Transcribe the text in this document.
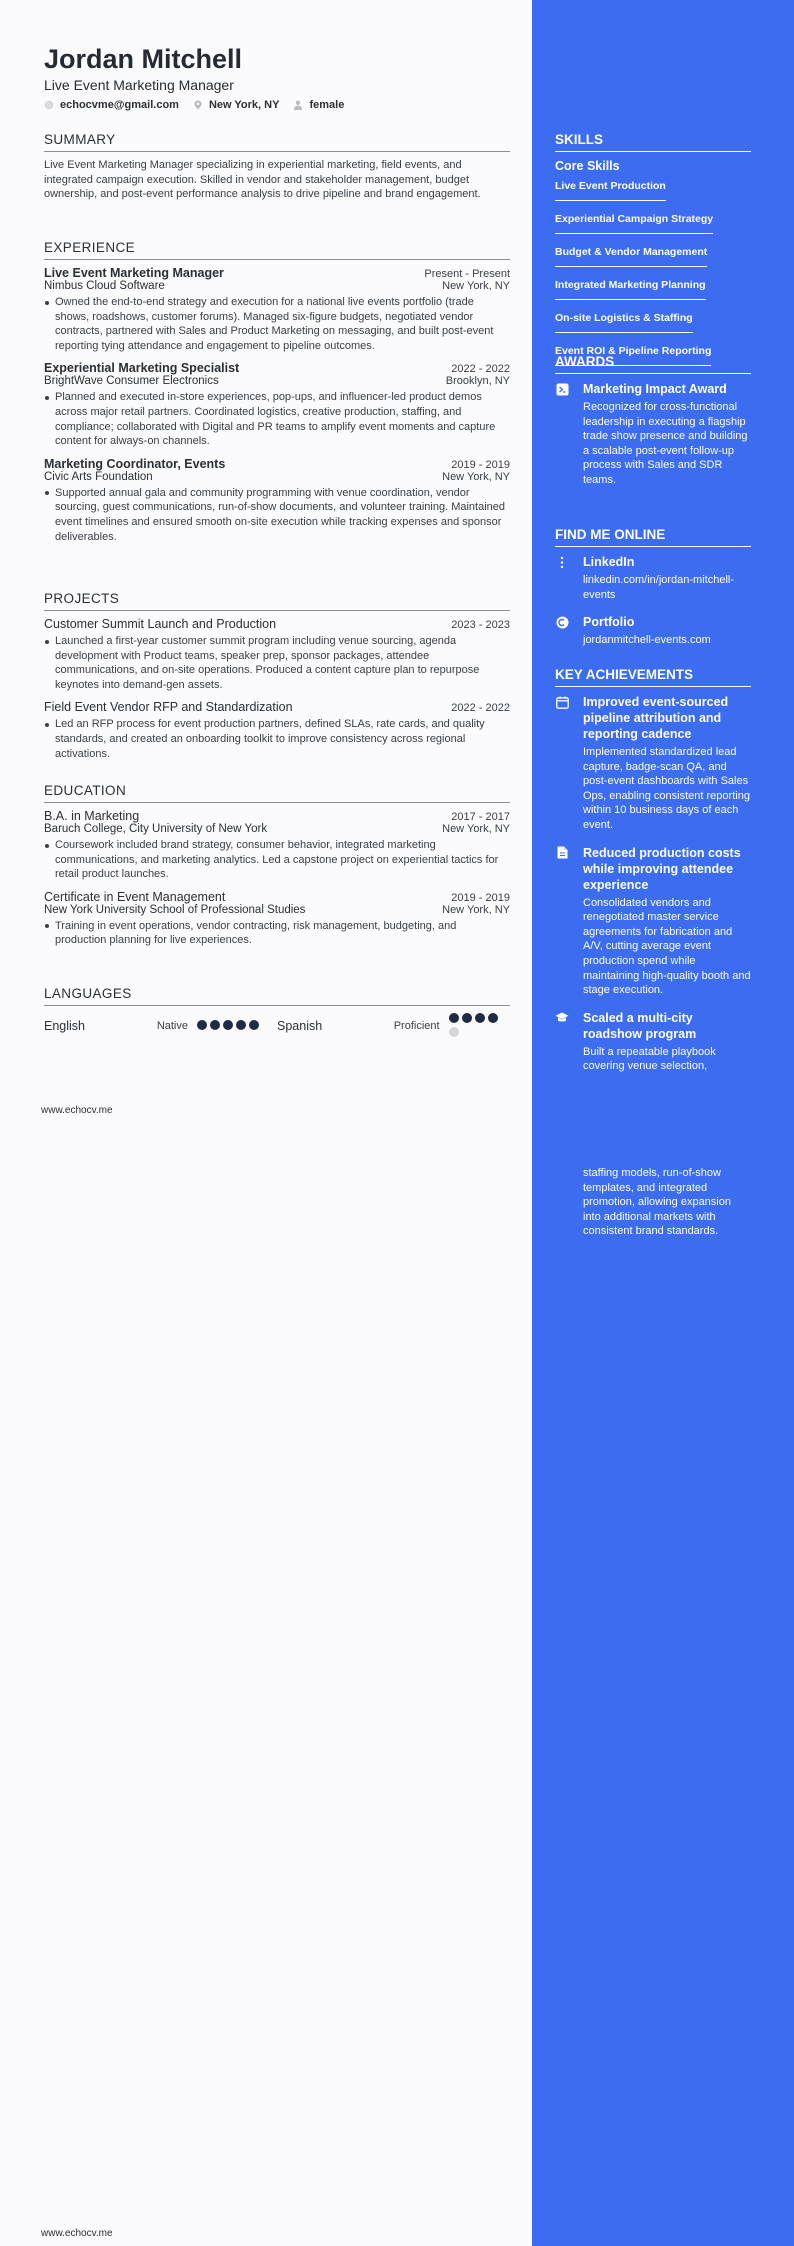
Jordan Mitchell
Live Event Marketing Manager
echocvme@gmail.com	New York, NY	female
SUMMARY
Live Event Marketing Manager specializing in experiential marketing, field events, and integrated campaign execution. Skilled in vendor and stakeholder management, budget ownership, and post-event performance analysis to drive pipeline and brand engagement.
EXPERIENCE
Live Event Marketing Manager	Present - Present
Nimbus Cloud Software	New York, NY
Owned the end-to-end strategy and execution for a national live events portfolio (trade shows, roadshows, customer forums). Managed six-figure budgets, negotiated vendor contracts, partnered with Sales and Product Marketing on messaging, and built post-event reporting tying attendance and engagement to pipeline outcomes.
Experiential Marketing Specialist	2022 - 2022
BrightWave Consumer Electronics	Brooklyn, NY
Planned and executed in-store experiences, pop-ups, and influencer-led product demos across major retail partners. Coordinated logistics, creative production, staffing, and compliance; collaborated with Digital and PR teams to amplify event moments and capture content for always-on channels.
Marketing Coordinator, Events	2019 - 2019
Civic Arts Foundation	New York, NY
Supported annual gala and community programming with venue coordination, vendor sourcing, guest communications, run-of-show documents, and volunteer training. Maintained event timelines and ensured smooth on-site execution while tracking expenses and sponsor deliverables.
PROJECTS
Customer Summit Launch and Production	2023 - 2023
Launched a first-year customer summit program including venue sourcing, agenda development with Product teams, speaker prep, sponsor packages, attendee communications, and on-site operations. Produced a content capture plan to repurpose keynotes into demand-gen assets.
Field Event Vendor RFP and Standardization	2022 - 2022
Led an RFP process for event production partners, defined SLAs, rate cards, and quality standards, and created an onboarding toolkit to improve consistency across regional activations.
EDUCATION
B.A. in Marketing	2017 - 2017
Baruch College, City University of New York	New York, NY
Coursework included brand strategy, consumer behavior, integrated marketing communications, and marketing analytics. Led a capstone project on experiential tactics for retail product launches.
Certificate in Event Management	2019 - 2019
New York University School of Professional Studies	New York, NY
Training in event operations, vendor contracting, risk management, budgeting, and production planning for live experiences.
LANGUAGES
English	Native	Spanish	Proficient
www.echocv.me
www.echocv.me
SKILLS
Core Skills
Live Event Production
Experiential Campaign Strategy
Budget & Vendor Management
Integrated Marketing Planning
On-site Logistics & Staffing
Event ROI & Pipeline Reporting
AWARDS
Marketing Impact Award
Recognized for cross-functional leadership in executing a flagship trade show presence and building a scalable post-event follow-up process with Sales and SDR teams.
FIND ME ONLINE
LinkedIn
linkedin.com/in/jordan-mitchell-events
Portfolio
jordanmitchell-events.com
KEY ACHIEVEMENTS
Improved event-sourced pipeline attribution and reporting cadence
Implemented standardized lead capture, badge-scan QA, and post-event dashboards with Sales Ops, enabling consistent reporting within 10 business days of each event.
Reduced production costs while improving attendee experience
Consolidated vendors and renegotiated master service agreements for fabrication and A/V, cutting average event production spend while maintaining high-quality booth and stage execution.
Scaled a multi-city roadshow program
Built a repeatable playbook covering venue selection,
staffing models, run-of-show templates, and integrated promotion, allowing expansion into additional markets with consistent brand standards.
